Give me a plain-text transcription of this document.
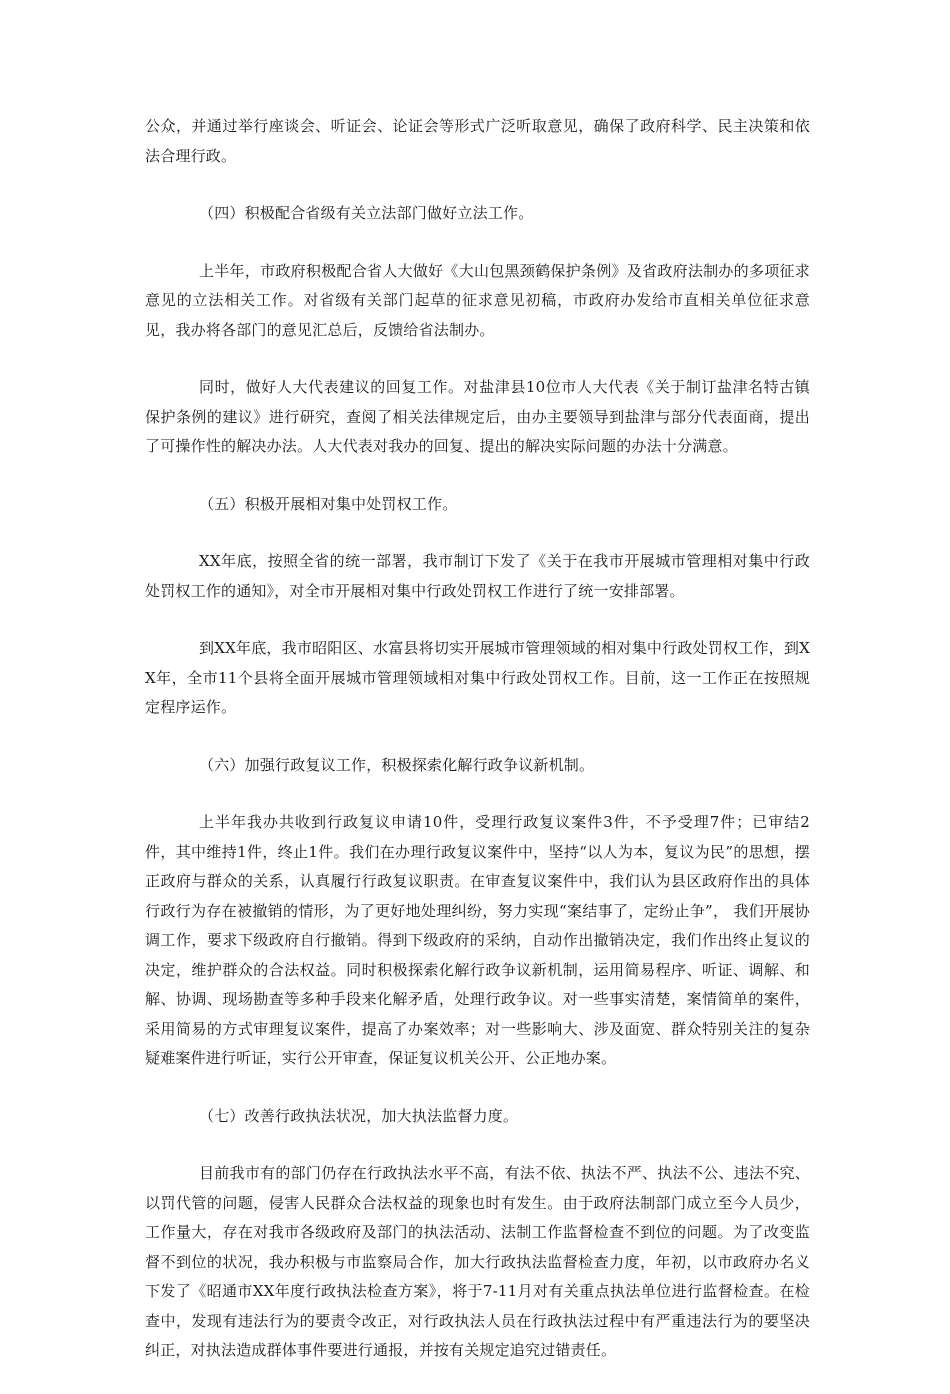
公众，并通过举行座谈会、听证会、论证会等形式广泛听取意见，确保了政府科学、民主决策和依法合理行政。

（四）积极配合省级有关立法部门做好立法工作。

上半年，市政府积极配合省人大做好《大山包黑颈鹤保护条例》及省政府法制办的多项征求意见的立法相关工作。对省级有关部门起草的征求意见初稿，市政府办发给市直相关单位征求意见，我办将各部门的意见汇总后，反馈给省法制办。

同时，做好人大代表建议的回复工作。对盐津县10位市人大代表《关于制订盐津名特古镇保护条例的建议》进行研究，查阅了相关法律规定后，由办主要领导到盐津与部分代表面商，提出了可操作性的解决办法。人大代表对我办的回复、提出的解决实际问题的办法十分满意。

（五）积极开展相对集中处罚权工作。

XX年底，按照全省的统一部署，我市制订下发了《关于在我市开展城市管理相对集中行政处罚权工作的通知》，对全市开展相对集中行政处罚权工作进行了统一安排部署。

到XX年底，我市昭阳区、水富县将切实开展城市管理领域的相对集中行政处罚权工作，到XX年，全市11个县将全面开展城市管理领域相对集中行政处罚权工作。目前，这一工作正在按照规定程序运作。

（六）加强行政复议工作，积极探索化解行政争议新机制。

上半年我办共收到行政复议申请10件，受理行政复议案件3件，不予受理7件；已审结2件，其中维持1件，终止1件。我们在办理行政复议案件中，坚持“以人为本，复议为民”的思想，摆正政府与群众的关系，认真履行行政复议职责。在审查复议案件中，我们认为县区政府作出的具体行政行为存在被撤销的情形，为了更好地处理纠纷，努力实现“案结事了，定纷止争”， 我们开展协调工作，要求下级政府自行撤销。得到下级政府的采纳，自动作出撤销决定，我们作出终止复议的决定，维护群众的合法权益。同时积极探索化解行政争议新机制，运用简易程序、听证、调解、和解、协调、现场勘查等多种手段来化解矛盾，处理行政争议。对一些事实清楚，案情简单的案件，采用简易的方式审理复议案件，提高了办案效率；对一些影响大、涉及面宽、群众特别关注的复杂疑难案件进行听证，实行公开审查，保证复议机关公开、公正地办案。

（七）改善行政执法状况，加大执法监督力度。

目前我市有的部门仍存在行政执法水平不高，有法不依、执法不严、执法不公、违法不究、以罚代管的问题，侵害人民群众合法权益的现象也时有发生。由于政府法制部门成立至今人员少，工作量大，存在对我市各级政府及部门的执法活动、法制工作监督检查不到位的问题。为了改变监督不到位的状况，我办积极与市监察局合作，加大行政执法监督检查力度，年初，以市政府办名义下发了《昭通市XX年度行政执法检查方案》，将于7-11月对有关重点执法单位进行监督检查。在检查中，发现有违法行为的要责令改正，对行政执法人员在行政执法过程中有严重违法行为的要坚决纠正，对执法造成群体事件要进行通报，并按有关规定追究过错责任。
